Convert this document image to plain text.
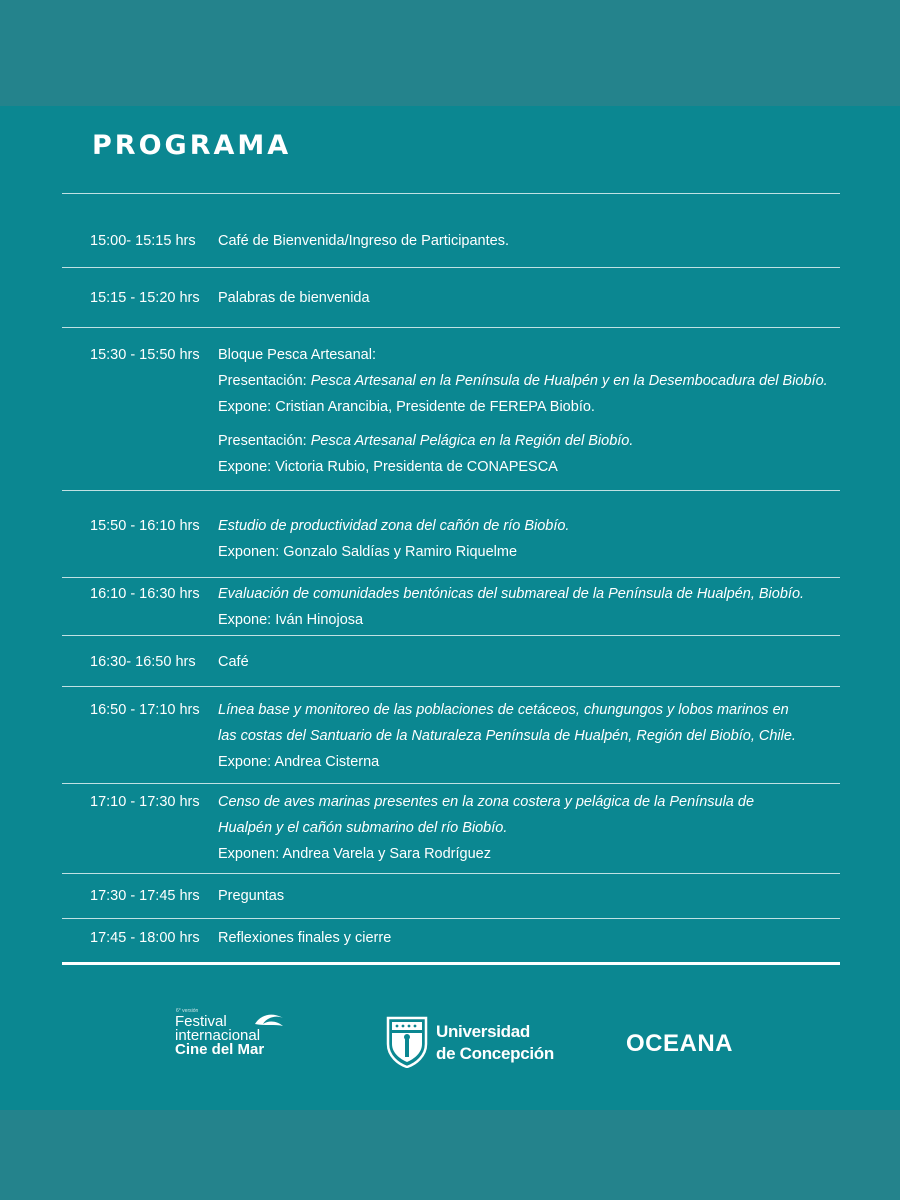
PROGRAMA
15:00- 15:15 hrs Café de Bienvenida/Ingreso de Participantes.

15:15 - 15:20 hrs Palabras de bienvenida

15:30 - 15:50 hrs Bloque Pesca Artesanal:

Presentación: Pesca Artesanal en la Península de Hualpén y en la Desembocadura del Biobío.

Expone: Cristian Arancibia, Presidente de FEREPA Biobío.

Presentación: Pesca Artesanal Pelágica en la Región del Biobío.

Expone: Victoria Rubio, Presidenta de CONAPESCA

15:50 - 16:10 hrs Estudio de productividad zona del cañón de río Biobío.

Exponen: Gonzalo Saldías y Ramiro Riquelme

16:10 - 16:30 hrs Evaluación de comunidades bentónicas del submareal de la Península de Hualpén, Biobío.

Expone: Iván Hinojosa

16:30- 16:50 hrs Café

16:50 - 17:10 hrs Línea base y monitoreo de las poblaciones de cetáceos, chungungos y lobos marinos en

las costas del Santuario de la Naturaleza Península de Hualpén, Región del Biobío, Chile.

Expone: Andrea Cisterna

17:10 - 17:30 hrs Censo de aves marinas presentes en la zona costera y pelágica de la Península de

Hualpén y el cañón submarino del río Biobío.

Exponen: Andrea Varela y Sara Rodríguez

17:30 - 17:45 hrs Preguntas

17:45 - 18:00 hrs Reflexiones finales y cierre

6° versión
Festival
internacional
Cine del Mar
Universidad
de Concepción	OCEANA
